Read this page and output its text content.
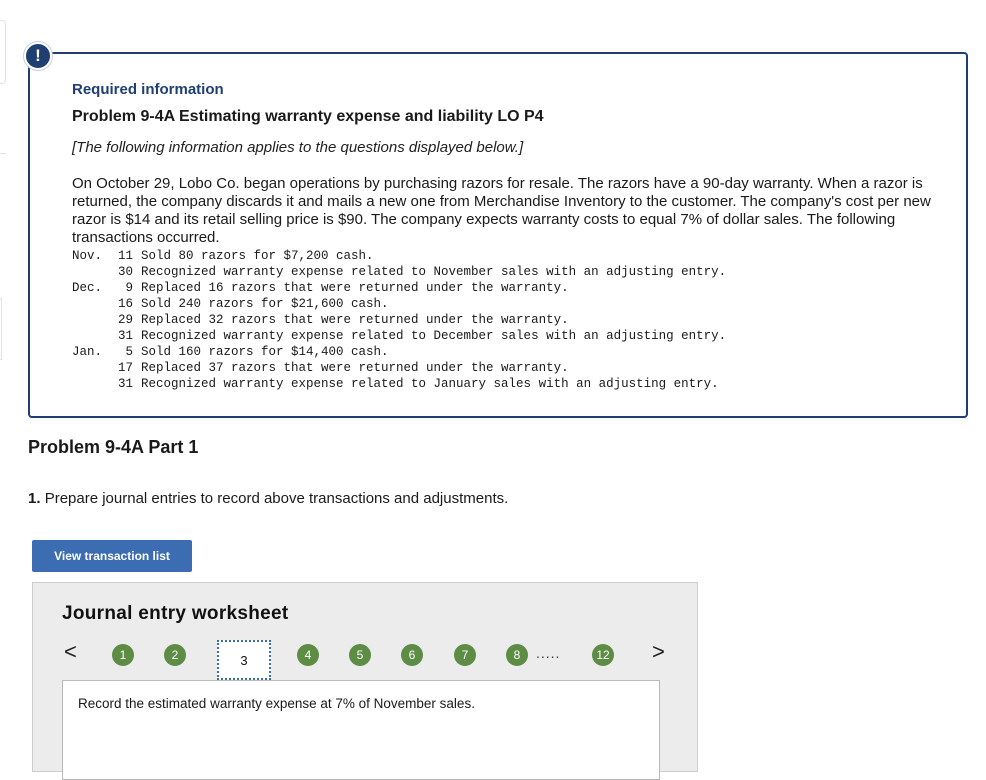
!
Required information
Problem 9-4A Estimating warranty expense and liability LO P4
[The following information applies to the questions displayed below.]

On October 29, Lobo Co. began operations by purchasing razors for resale. The razors have a 90-day warranty. When a razor is returned, the company discards it and mails a new one from Merchandise Inventory to the customer. The company's cost per new razor is $14 and its retail selling price is $90. The company expects warranty costs to equal 7% of dollar sales. The following transactions occurred.

Nov.	11	Sold 80 razors for $7,200 cash.
	30	Recognized warranty expense related to November sales with an adjusting entry.
Dec.	9	Replaced 16 razors that were returned under the warranty.
	16	Sold 240 razors for $21,600 cash.
	29	Replaced 32 razors that were returned under the warranty.
	31	Recognized warranty expense related to December sales with an adjusting entry.
Jan.	5	Sold 160 razors for $14,400 cash.
	17	Replaced 37 razors that were returned under the warranty.
	31	Recognized warranty expense related to January sales with an adjusting entry.
Problem 9-4A Part 1
1. Prepare journal entries to record above transactions and adjustments.
View transaction list
Journal entry worksheet
<	1	2	3	4	5	6	7	8	.....	12 >
Record the estimated warranty expense at 7% of November sales.
